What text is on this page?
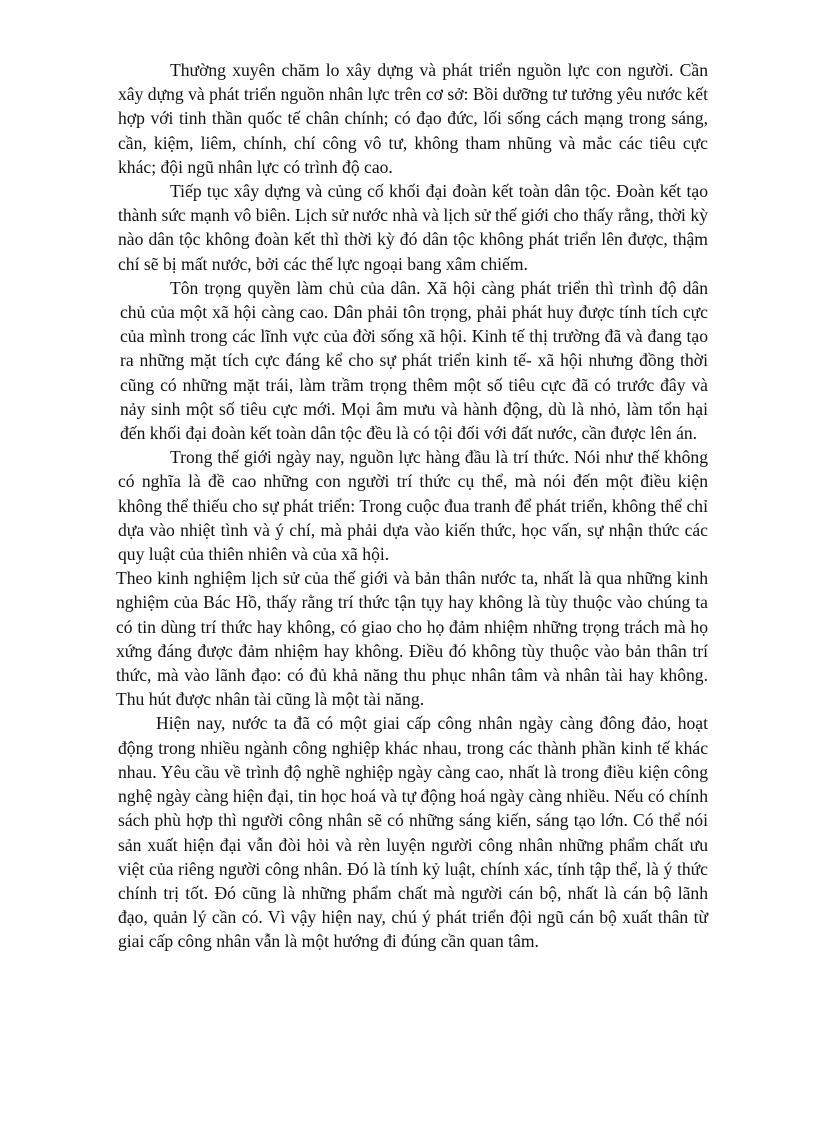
Thường xuyên chăm lo xây dựng và phát triển nguồn lực con người. Cần xây dựng và phát triển nguồn nhân lực trên cơ sở: Bồi dưỡng tư tưởng yêu nước kết hợp với tinh thần quốc tế chân chính; có đạo đức, lối sống cách mạng trong sáng, cần, kiệm, liêm, chính, chí công vô tư, không tham nhũng và mắc các tiêu cực khác; đội ngũ nhân lực có trình độ cao.

Tiếp tục xây dựng và củng cố khối đại đoàn kết toàn dân tộc. Đoàn kết tạo thành sức mạnh vô biên. Lịch sử nước nhà và lịch sử thế giới cho thấy rằng, thời kỳ nào dân tộc không đoàn kết thì thời kỳ đó dân tộc không phát triển lên được, thậm chí sẽ bị mất nước, bởi các thế lực ngoại bang xâm chiếm.

Tôn trọng quyền làm chủ của dân. Xã hội càng phát triển thì trình độ dân chủ của một xã hội càng cao. Dân phải tôn trọng, phải phát huy được tính tích cực của mình trong các lĩnh vực của đời sống xã hội. Kinh tế thị trường đã và đang tạo ra những mặt tích cực đáng kể cho sự phát triển kinh tế- xã hội nhưng đồng thời cũng có những mặt trái, làm trầm trọng thêm một số tiêu cực đã có trước đây và nảy sinh một số tiêu cực mới. Mọi âm mưu và hành động, dù là nhỏ, làm tổn hại đến khối đại đoàn kết toàn dân tộc đều là có tội đối với đất nước, cần được lên án.

Trong thế giới ngày nay, nguồn lực hàng đầu là trí thức. Nói như thế không có nghĩa là đề cao những con người trí thức cụ thể, mà nói đến một điều kiện không thể thiếu cho sự phát triển: Trong cuộc đua tranh để phát triển, không thể chỉ dựa vào nhiệt tình và ý chí, mà phải dựa vào kiến thức, học vấn, sự nhận thức các quy luật của thiên nhiên và của xã hội.

Theo kinh nghiệm lịch sử của thế giới và bản thân nước ta, nhất là qua những kinh nghiệm của Bác Hồ, thấy rằng trí thức tận tụy hay không là tùy thuộc vào chúng ta có tin dùng trí thức hay không, có giao cho họ đảm nhiệm những trọng trách mà họ xứng đáng được đảm nhiệm hay không. Điều đó không tùy thuộc vào bản thân trí thức, mà vào lãnh đạo: có đủ khả năng thu phục nhân tâm và nhân tài hay không. Thu hút được nhân tài cũng là một tài năng.

Hiện nay, nước ta đã có một giai cấp công nhân ngày càng đông đảo, hoạt động trong nhiều ngành công nghiệp khác nhau, trong các thành phần kinh tế khác nhau. Yêu cầu về trình độ nghề nghiệp ngày càng cao, nhất là trong điều kiện công nghệ ngày càng hiện đại, tin học hoá và tự động hoá ngày càng nhiều. Nếu có chính sách phù hợp thì người công nhân sẽ có những sáng kiến, sáng tạo lớn. Có thể nói sản xuất hiện đại vẫn đòi hỏi và rèn luyện người công nhân những phẩm chất ưu việt của riêng người công nhân. Đó là tính kỷ luật, chính xác, tính tập thể, là ý thức chính trị tốt. Đó cũng là những phẩm chất mà người cán bộ, nhất là cán bộ lãnh đạo, quản lý cần có. Vì vậy hiện nay, chú ý phát triển đội ngũ cán bộ xuất thân từ giai cấp công nhân vẫn là một hướng đi đúng cần quan tâm.
